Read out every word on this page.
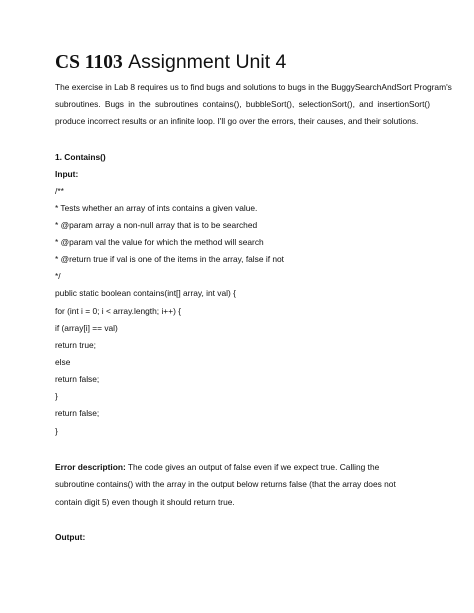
CS 1103 Assignment Unit 4
The exercise in Lab 8 requires us to find bugs and solutions to bugs in the BuggySearchAndSort Program's
subroutines. Bugs in the subroutines contains(), bubbleSort(), selectionSort(), and insertionSort()
produce incorrect results or an infinite loop. I'll go over the errors, their causes, and their solutions.
1. Contains()
Input:
/**
* Tests whether an array of ints contains a given value.
* @param array a non-null array that is to be searched
* @param val the value for which the method will search
* @return true if val is one of the items in the array, false if not
*/
public static boolean contains(int[] array, int val) {
for (int i = 0; i < array.length; i++) {
if (array[i] == val)
return true;
else
return false;
}
return false;
}
Error description: The code gives an output of false even if we expect true. Calling the
subroutine contains() with the array in the output below returns false (that the array does not
contain digit 5) even though it should return true.
Output:
